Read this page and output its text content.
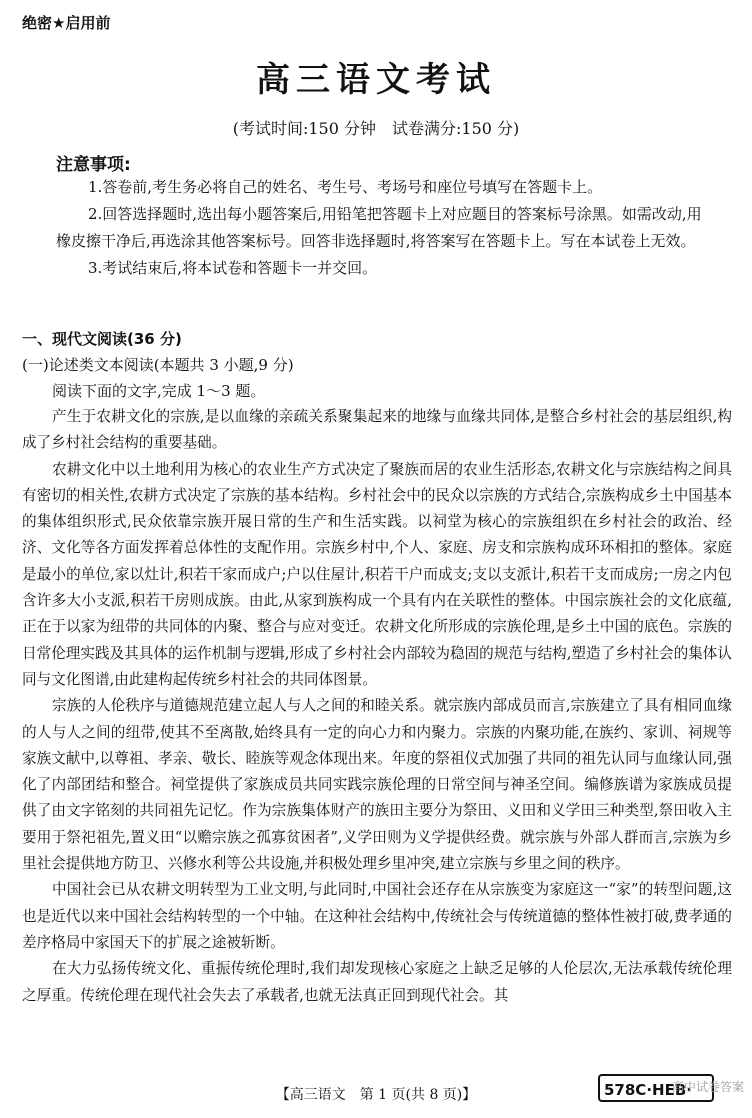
绝密★启用前
高三语文考试
(考试时间:150 分钟　试卷满分:150 分)
注意事项:

1.答卷前,考生务必将自己的姓名、考生号、考场号和座位号填写在答题卡上。

2.回答选择题时,选出每小题答案后,用铅笔把答题卡上对应题目的答案标号涂黑。如需改动,用橡皮擦干净后,再选涂其他答案标号。回答非选择题时,将答案写在答题卡上。写在本试卷上无效。

3.考试结束后,将本试卷和答题卡一并交回。

一、现代文阅读(36 分)
(一)论述类文本阅读(本题共 3 小题,9 分)
阅读下面的文字,完成 1～3 题。

产生于农耕文化的宗族,是以血缘的亲疏关系聚集起来的地缘与血缘共同体,是整合乡村社会的基层组织,构成了乡村社会结构的重要基础。

农耕文化中以土地利用为核心的农业生产方式决定了聚族而居的农业生活形态,农耕文化与宗族结构之间具有密切的相关性,农耕方式决定了宗族的基本结构。乡村社会中的民众以宗族的方式结合,宗族构成乡土中国基本的集体组织形式,民众依靠宗族开展日常的生产和生活实践。以祠堂为核心的宗族组织在乡村社会的政治、经济、文化等各方面发挥着总体性的支配作用。宗族乡村中,个人、家庭、房支和宗族构成环环相扣的整体。家庭是最小的单位,家以灶计,积若干家而成户;户以住屋计,积若干户而成支;支以支派计,积若干支而成房;一房之内包含许多大小支派,积若干房则成族。由此,从家到族构成一个具有内在关联性的整体。中国宗族社会的文化底蕴,正在于以家为纽带的共同体的内聚、整合与应对变迁。农耕文化所形成的宗族伦理,是乡土中国的底色。宗族的日常伦理实践及其具体的运作机制与逻辑,形成了乡村社会内部较为稳固的规范与结构,塑造了乡村社会的集体认同与文化图谱,由此建构起传统乡村社会的共同体图景。

宗族的人伦秩序与道德规范建立起人与人之间的和睦关系。就宗族内部成员而言,宗族建立了具有相同血缘的人与人之间的纽带,使其不至离散,始终具有一定的向心力和内聚力。宗族的内聚功能,在族约、家训、祠规等家族文献中,以尊祖、孝亲、敬长、睦族等观念体现出来。年度的祭祖仪式加强了共同的祖先认同与血缘认同,强化了内部团结和整合。祠堂提供了家族成员共同实践宗族伦理的日常空间与神圣空间。编修族谱为家族成员提供了由文字铭刻的共同祖先记忆。作为宗族集体财产的族田主要分为祭田、义田和义学田三种类型,祭田收入主要用于祭祀祖先,置义田“以赡宗族之孤寡贫困者”,义学田则为义学提供经费。就宗族与外部人群而言,宗族为乡里社会提供地方防卫、兴修水利等公共设施,并积极处理乡里冲突,建立宗族与乡里之间的秩序。

中国社会已从农耕文明转型为工业文明,与此同时,中国社会还存在从宗族变为家庭这一“家”的转型问题,这也是近代以来中国社会结构转型的一个中轴。在这种社会结构中,传统社会与传统道德的整体性被打破,费孝通的差序格局中家国天下的扩展之途被斩断。

在大力弘扬传统文化、重振传统伦理时,我们却发现核心家庭之上缺乏足够的人伦层次,无法承载传统伦理之厚重。传统伦理在现代社会失去了承载者,也就无法真正回到现代社会。其

【高三语文　第 1 页(共 8 页)】	578C·HEB·
高中试卷答案
